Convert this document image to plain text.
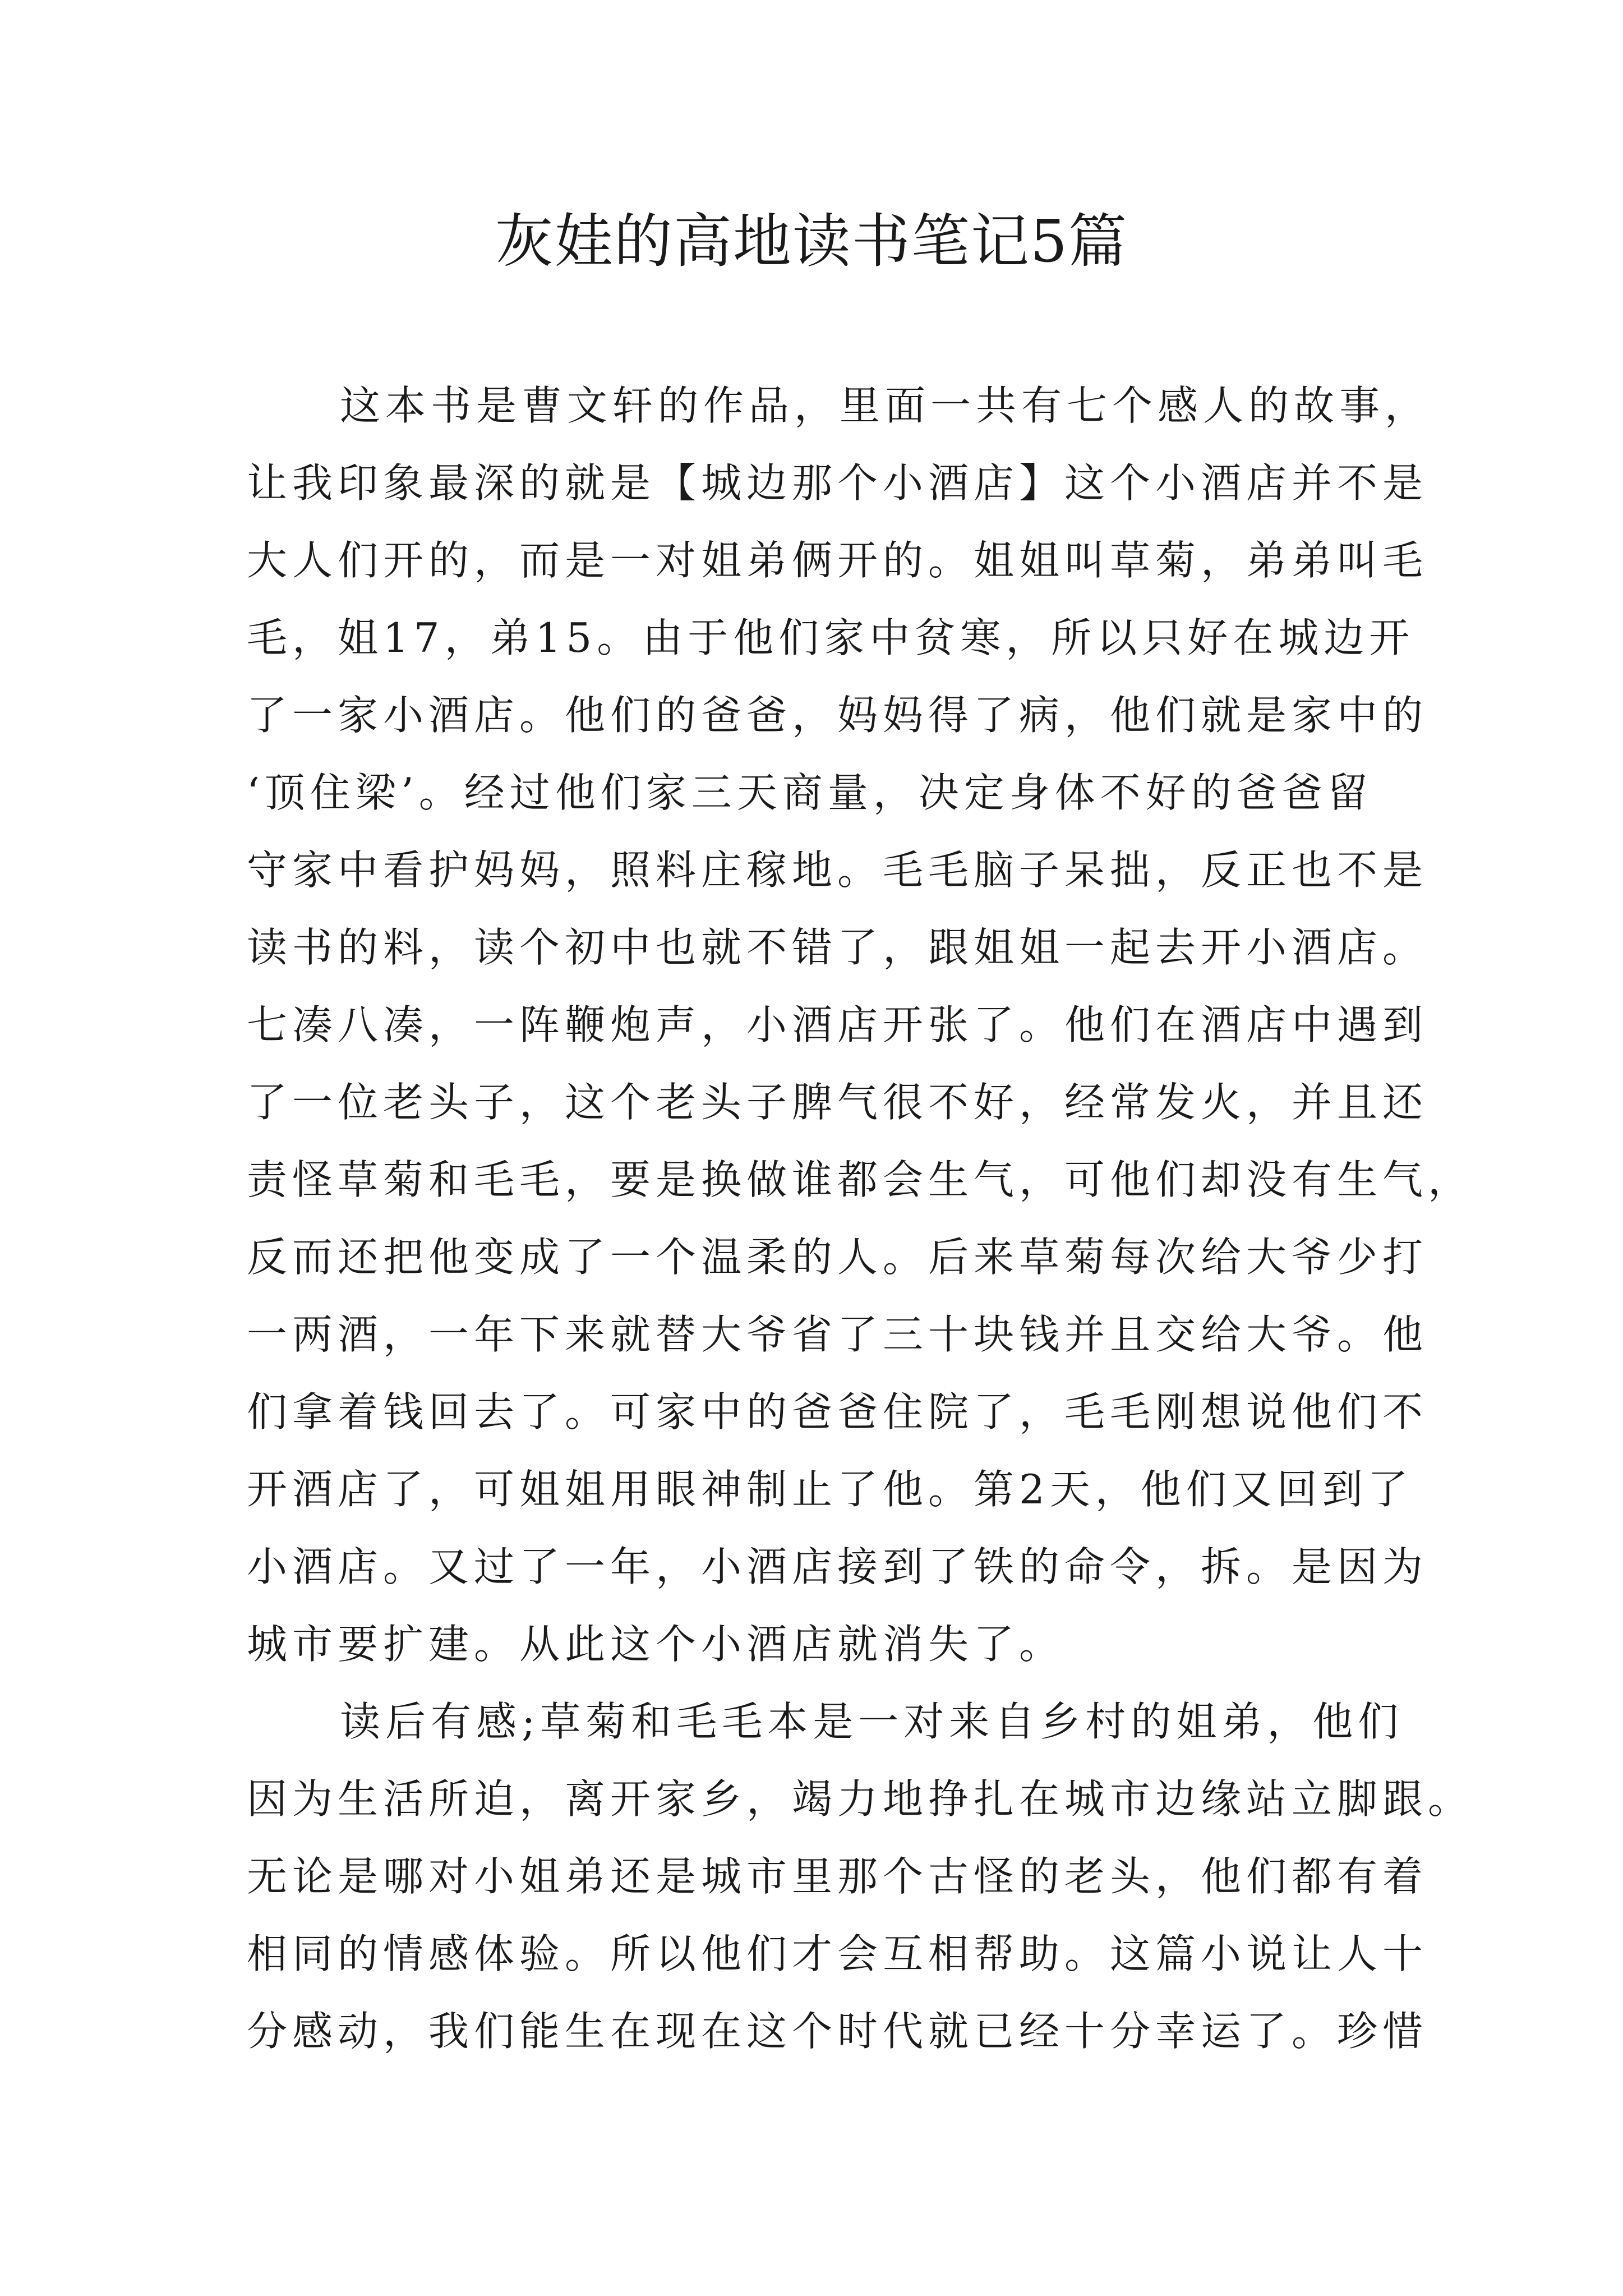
灰娃的高地读书笔记5篇

这本书是曹文轩的作品，里面一共有七个感人的故事，
让我印象最深的就是【城边那个小酒店】这个小酒店并不是
大人们开的，而是一对姐弟俩开的。姐姐叫草菊，弟弟叫毛
毛，姐17，弟15。由于他们家中贫寒，所以只好在城边开
了一家小酒店。他们的爸爸，妈妈得了病，他们就是家中的
‘顶住梁’。经过他们家三天商量，决定身体不好的爸爸留
守家中看护妈妈，照料庄稼地。毛毛脑子呆拙，反正也不是
读书的料，读个初中也就不错了，跟姐姐一起去开小酒店。
七凑八凑，一阵鞭炮声，小酒店开张了。他们在酒店中遇到
了一位老头子，这个老头子脾气很不好，经常发火，并且还
责怪草菊和毛毛，要是换做谁都会生气，可他们却没有生气，
反而还把他变成了一个温柔的人。后来草菊每次给大爷少打
一两酒，一年下来就替大爷省了三十块钱并且交给大爷。他
们拿着钱回去了。可家中的爸爸住院了，毛毛刚想说他们不
开酒店了，可姐姐用眼神制止了他。第2天，他们又回到了
小酒店。又过了一年，小酒店接到了铁的命令，拆。是因为
城市要扩建。从此这个小酒店就消失了。

读后有感;草菊和毛毛本是一对来自乡村的姐弟，他们
因为生活所迫，离开家乡，竭力地挣扎在城市边缘站立脚跟。
无论是哪对小姐弟还是城市里那个古怪的老头，他们都有着
相同的情感体验。所以他们才会互相帮助。这篇小说让人十
分感动，我们能生在现在这个时代就已经十分幸运了。珍惜
